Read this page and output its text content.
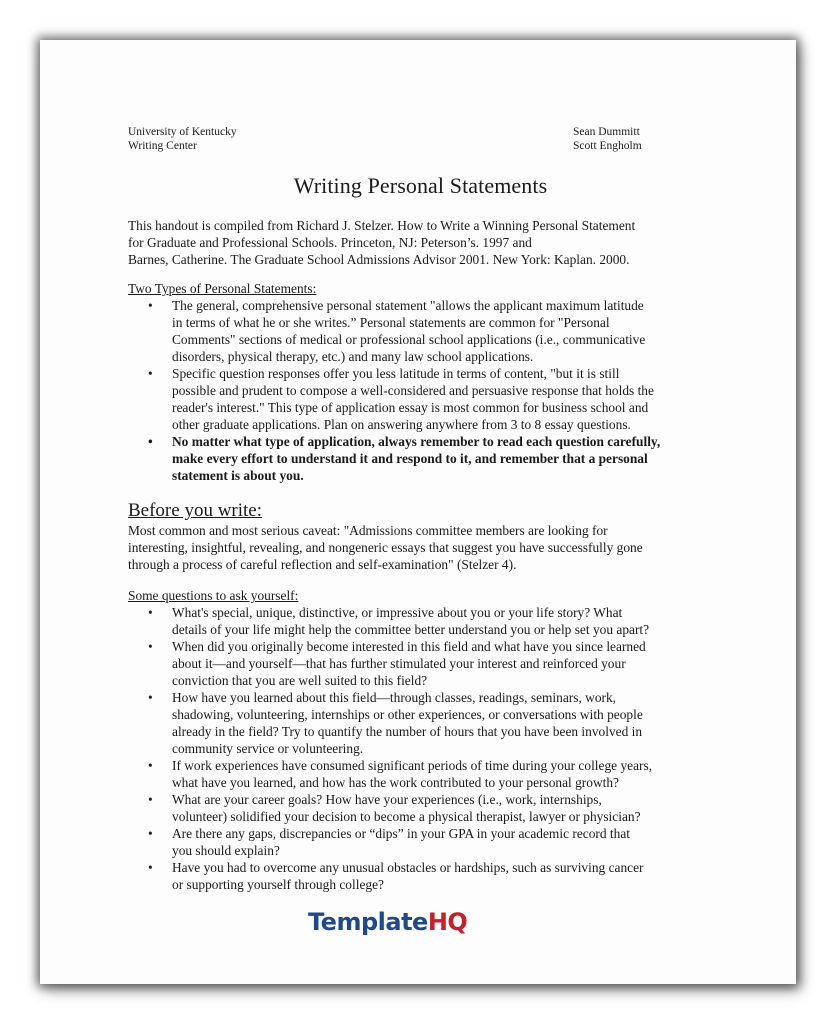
University of Kentucky
Writing Center
Sean Dummitt
Scott Engholm
Writing Personal Statements

This handout is compiled from Richard J. Stelzer. How to Write a Winning Personal Statement

for Graduate and Professional Schools. Princeton, NJ: Peterson’s. 1997 and

Barnes, Catherine. The Graduate School Admissions Advisor 2001. New York: Kaplan. 2000.

Two Types of Personal Statements:
• The general, comprehensive personal statement "allows the applicant maximum latitude
in terms of what he or she writes.” Personal statements are common for "Personal
Comments" sections of medical or professional school applications (i.e., communicative
disorders, physical therapy, etc.) and many law school applications.
• Specific question responses offer you less latitude in terms of content, "but it is still
possible and prudent to compose a well-considered and persuasive response that holds the
reader's interest." This type of application essay is most common for business school and
other graduate applications. Plan on answering anywhere from 3 to 8 essay questions.
• No matter what type of application, always remember to read each question carefully,
make every effort to understand it and respond to it, and remember that a personal
statement is about you.
Before you write:

Most common and most serious caveat: "Admissions committee members are looking for

interesting, insightful, revealing, and nongeneric essays that suggest you have successfully gone

through a process of careful reflection and self-examination" (Stelzer 4).

Some questions to ask yourself:
• What's special, unique, distinctive, or impressive about you or your life story? What
details of your life might help the committee better understand you or help set you apart?
• When did you originally become interested in this field and what have you since learned
about it—and yourself—that has further stimulated your interest and reinforced your
conviction that you are well suited to this field?
• How have you learned about this field—through classes, readings, seminars, work,
shadowing, volunteering, internships or other experiences, or conversations with people
already in the field? Try to quantify the number of hours that you have been involved in
community service or volunteering.
• If work experiences have consumed significant periods of time during your college years,
what have you learned, and how has the work contributed to your personal growth?
• What are your career goals? How have your experiences (i.e., work, internships,
volunteer) solidified your decision to become a physical therapist, lawyer or physician?
• Are there any gaps, discrepancies or “dips” in your GPA in your academic record that
you should explain?
• Have you had to overcome any unusual obstacles or hardships, such as surviving cancer
or supporting yourself through college?
TemplateHQ
